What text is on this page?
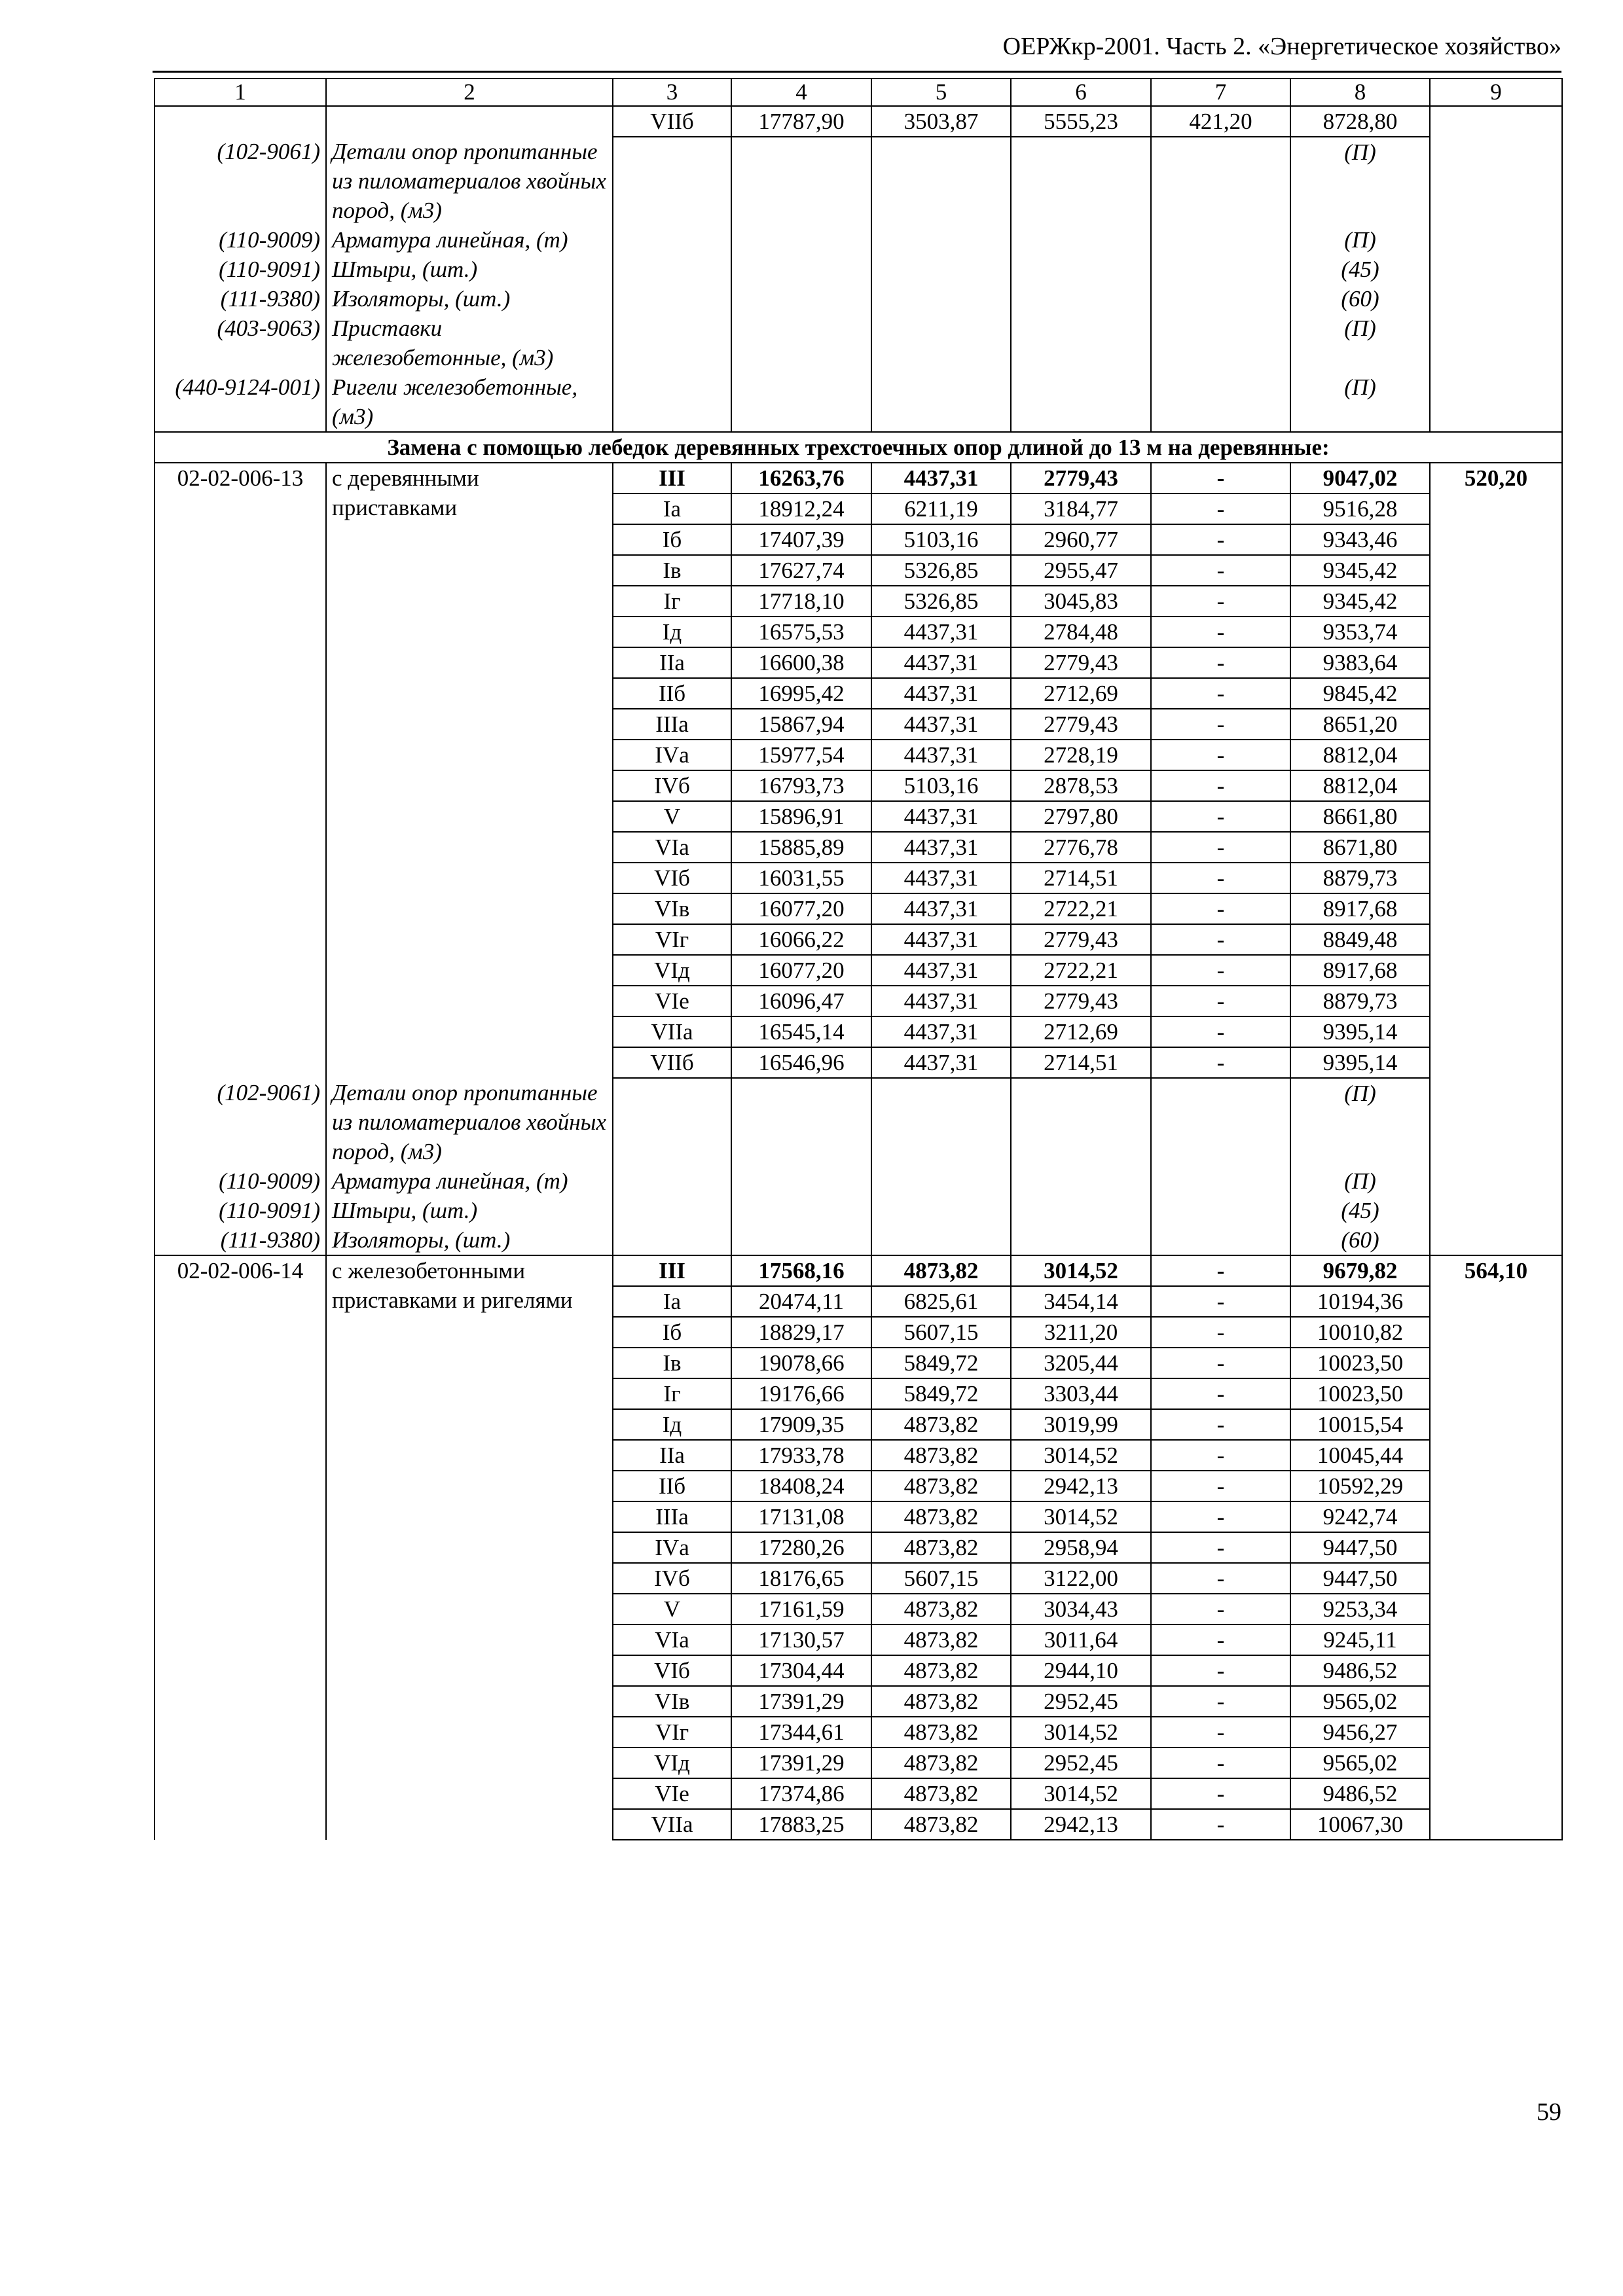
ОЕРЖкр-2001. Часть 2. «Энергетическое хозяйство»
1	2	3	4	5	6	7	8	9
		VIIб	17787,90	3503,87	5555,23	421,20	8728,80	
(102-9061)	Детали опор пропитанные из пиломатериалов хвойных пород, (м3)						(П)	
(110-9009)	Арматура линейная, (т)						(П)	
(110-9091)	Штыри, (шт.)						(45)	
(111-9380)	Изоляторы, (шт.)						(60)	
(403-9063)	Приставки железобетонные, (м3)						(П)	
(440-9124-001)	Ригели железобетонные, (м3)						(П)	
Замена с помощью лебедок деревянных трехстоечных опор длиной до 13 м на деревянные:								
02-02-006-13	с деревянными приставками	III	16263,76	4437,31	2779,43	-	9047,02	520,20
		Iа	18912,24	6211,19	3184,77	-	9516,28	
		Iб	17407,39	5103,16	2960,77	-	9343,46	
		Iв	17627,74	5326,85	2955,47	-	9345,42	
		Iг	17718,10	5326,85	3045,83	-	9345,42	
		Iд	16575,53	4437,31	2784,48	-	9353,74	
		IIа	16600,38	4437,31	2779,43	-	9383,64	
		IIб	16995,42	4437,31	2712,69	-	9845,42	
		IIIа	15867,94	4437,31	2779,43	-	8651,20	
		IVа	15977,54	4437,31	2728,19	-	8812,04	
		IVб	16793,73	5103,16	2878,53	-	8812,04	
		V	15896,91	4437,31	2797,80	-	8661,80	
		VIа	15885,89	4437,31	2776,78	-	8671,80	
		VIб	16031,55	4437,31	2714,51	-	8879,73	
		VIв	16077,20	4437,31	2722,21	-	8917,68	
		VIг	16066,22	4437,31	2779,43	-	8849,48	
		VIд	16077,20	4437,31	2722,21	-	8917,68	
		VIе	16096,47	4437,31	2779,43	-	8879,73	
		VIIа	16545,14	4437,31	2712,69	-	9395,14	
		VIIб	16546,96	4437,31	2714,51	-	9395,14	
(102-9061)	Детали опор пропитанные из пиломатериалов хвойных пород, (м3)						(П)	
(110-9009)	Арматура линейная, (т)						(П)	
(110-9091)	Штыри, (шт.)						(45)	
(111-9380)	Изоляторы, (шт.)						(60)	
02-02-006-14	с железобетонными приставками и ригелями	III	17568,16	4873,82	3014,52	-	9679,82	564,10
		Iа	20474,11	6825,61	3454,14	-	10194,36	
		Iб	18829,17	5607,15	3211,20	-	10010,82	
		Iв	19078,66	5849,72	3205,44	-	10023,50	
		Iг	19176,66	5849,72	3303,44	-	10023,50	
		Iд	17909,35	4873,82	3019,99	-	10015,54	
		IIа	17933,78	4873,82	3014,52	-	10045,44	
		IIб	18408,24	4873,82	2942,13	-	10592,29	
		IIIа	17131,08	4873,82	3014,52	-	9242,74	
		IVа	17280,26	4873,82	2958,94	-	9447,50	
		IVб	18176,65	5607,15	3122,00	-	9447,50	
		V	17161,59	4873,82	3034,43	-	9253,34	
		VIа	17130,57	4873,82	3011,64	-	9245,11	
		VIб	17304,44	4873,82	2944,10	-	9486,52	
		VIв	17391,29	4873,82	2952,45	-	9565,02	
		VIг	17344,61	4873,82	3014,52	-	9456,27	
		VIд	17391,29	4873,82	2952,45	-	9565,02	
		VIе	17374,86	4873,82	3014,52	-	9486,52	
		VIIа	17883,25	4873,82	2942,13	-	10067,30	
59
